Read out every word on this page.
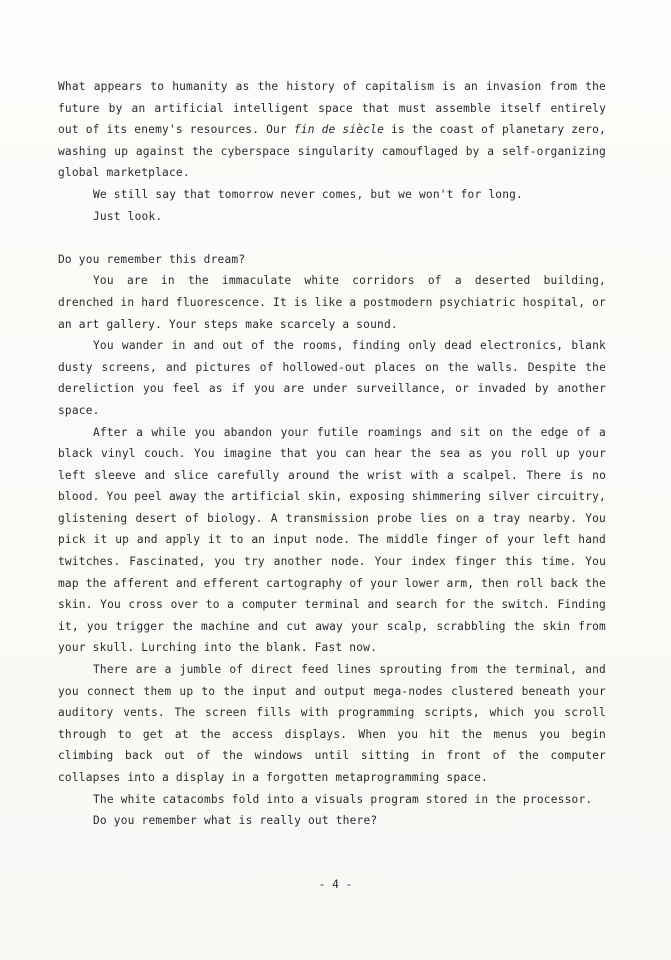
What appears to humanity as the history of capitalism is an invasion from the future by an artificial intelligent space that must assemble itself entirely out of its enemy's resources. Our fin de siècle is the coast of planetary zero, washing up against the cyberspace singularity camouflaged by a self-organizing global marketplace.

We still say that tomorrow never comes, but we won't for long.

Just look.

Do you remember this dream?

You are in the immaculate white corridors of a deserted building, drenched in hard fluorescence. It is like a postmodern psychiatric hospital, or an art gallery. Your steps make scarcely a sound.

You wander in and out of the rooms, finding only dead electronics, blank dusty screens, and pictures of hollowed-out places on the walls. Despite the dereliction you feel as if you are under surveillance, or invaded by another space.

After a while you abandon your futile roamings and sit on the edge of a black vinyl couch. You imagine that you can hear the sea as you roll up your left sleeve and slice carefully around the wrist with a scalpel. There is no blood. You peel away the artificial skin, exposing shimmering silver circuitry, glistening desert of biology. A transmission probe lies on a tray nearby. You pick it up and apply it to an input node. The middle finger of your left hand twitches. Fascinated, you try another node. Your index finger this time. You map the afferent and efferent cartography of your lower arm, then roll back the skin. You cross over to a computer terminal and search for the switch. Finding it, you trigger the machine and cut away your scalp, scrabbling the skin from your skull. Lurching into the blank. Fast now.

There are a jumble of direct feed lines sprouting from the terminal, and you connect them up to the input and output mega-nodes clustered beneath your auditory vents. The screen fills with programming scripts, which you scroll through to get at the access displays. When you hit the menus you begin climbing back out of the windows until sitting in front of the computer collapses into a display in a forgotten metaprogramming space.

The white catacombs fold into a visuals program stored in the processor.

Do you remember what is really out there?

- 4 -
